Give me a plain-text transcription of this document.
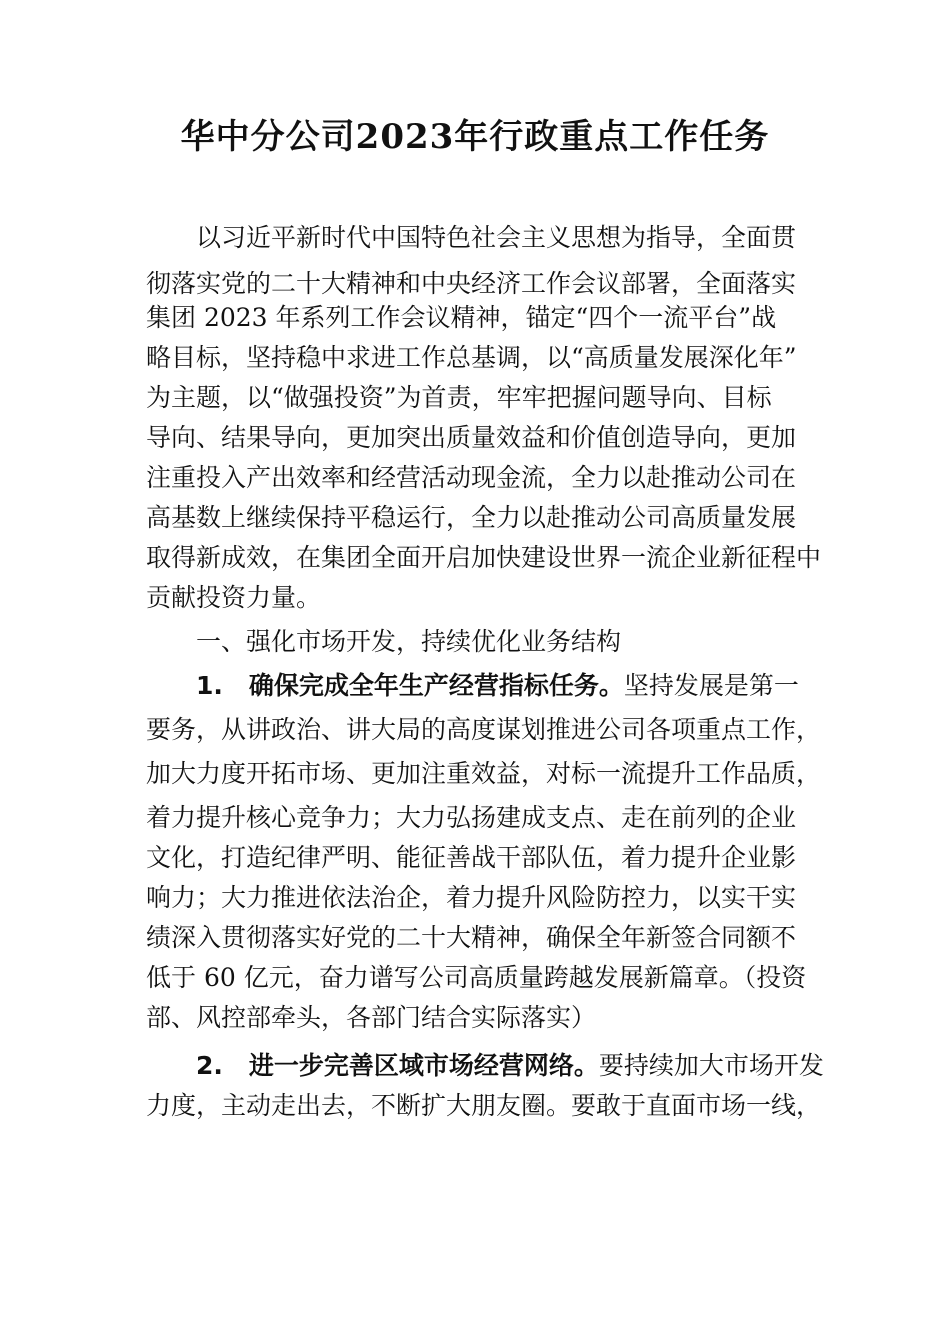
华中分公司2023年行政重点工作任务

以习近平新时代中国特色社会主义思想为指导，全面贯

彻落实党的二十大精神和中央经济工作会议部署，全面落实

集团 2023 年系列工作会议精神，锚定“四个一流平台”战

略目标，坚持稳中求进工作总基调，以“高质量发展深化年”

为主题，以“做强投资”为首责，牢牢把握问题导向、目标

导向、结果导向，更加突出质量效益和价值创造导向，更加

注重投入产出效率和经营活动现金流，全力以赴推动公司在

高基数上继续保持平稳运行，全力以赴推动公司高质量发展

取得新成效，在集团全面开启加快建设世界一流企业新征程中

贡献投资力量。

一、强化市场开发，持续优化业务结构

1. 确保完成全年生产经营指标任务。坚持发展是第一

要务，从讲政治、讲大局的高度谋划推进公司各项重点工作，

加大力度开拓市场、更加注重效益，对标一流提升工作品质，

着力提升核心竞争力；大力弘扬建成支点、走在前列的企业

文化，打造纪律严明、能征善战干部队伍，着力提升企业影

响力；大力推进依法治企，着力提升风险防控力，以实干实

绩深入贯彻落实好党的二十大精神，确保全年新签合同额不

低于 60 亿元，奋力谱写公司高质量跨越发展新篇章。（投资

部、风控部牵头，各部门结合实际落实）

2. 进一步完善区域市场经营网络。要持续加大市场开发

力度，主动走出去，不断扩大朋友圈。要敢于直面市场一线，
